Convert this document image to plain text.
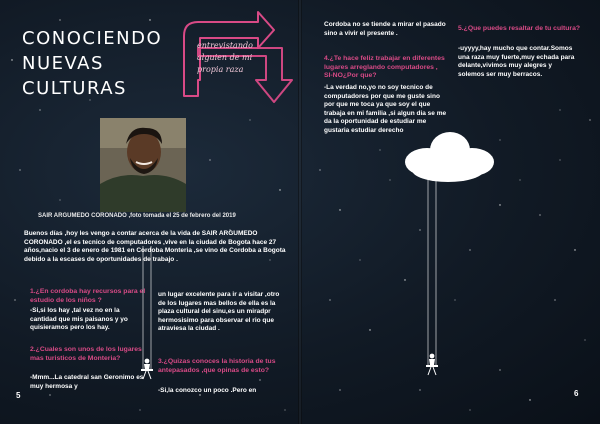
CONOCIENDO
NUEVAS
CULTURAS
entrevistando
alguien de mi
propia raza
SAIR ARGUMEDO CORONADO ,foto tomada el 25 de febrero del 2019
Buenos días ,hoy les vengo a contar acerca de la vida de SAIR ARGUMEDO CORONADO ,el es tecnico de computadores ,vive en la ciudad de Bogota hace 27 años,nacio el 3 de enero de 1981 en Cordoba Monteria ,se vino de Cordoba a Bogota debido a la escases de oportunidades de trabajo .
1.¿En cordoba hay recursos para el estudio de los niños ?
-Si,si los hay ,tal vez no en la cantidad que mis paisanos y yo quisieramos pero los hay.
2.¿Cuales son unos de los lugares mas turisticos de Monteria?
-Mmm...La catedral san Geronimo es muy hermosa y
un lugar excelente para ir a visitar ,otro de los lugares mas bellos de ella es la plaza cultural del sinu,es un miradpr hermosisimo para observar el rio que atraviesa la ciudad .
3.¿Quizas conoces la historia de tus antepasados ,que opinas de esto?
-Si,la conozco un poco .Pero en
5
Cordoba no se tiende a mirar el pasado sino a vivir el presente .
4.¿Te hace feliz trabajar en diferentes lugares arreglando computadores , SI-NO¿Por que?
-La verdad no,yo no soy tecnico de computadores por que me guste sino por que me toca ya que soy el que trabaja en mi familia ,si algun dia se me da la oportunidad de estudiar me gustaria estudiar derecho
5.¿Que puedes resaltar de tu cultura?
-uyyyy,hay mucho que contar.Somos una raza muy fuerte,muy echada para delante,vivimos muy alegres y solemos ser muy berracos.
6
